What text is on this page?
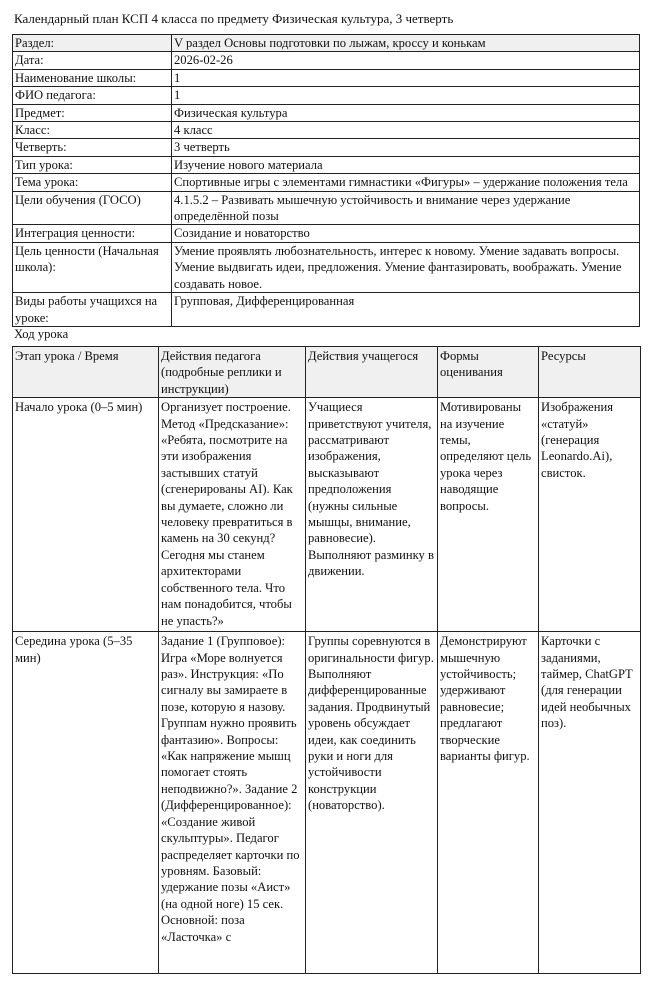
Календарный план КСП 4 класса по предмету Физическая культура, 3 четверть
Раздел:	V раздел Основы подготовки по лыжам, кроссу и конькам
Дата:	2026-02-26
Наименование школы:	1
ФИО педагога:	1
Предмет:	Физическая культура
Класс:	4 класс
Четверть:	3 четверть
Тип урока:	Изучение нового материала
Тема урока:	Спортивные игры с элементами гимнастики «Фигуры» – удержание положения тела
Цели обучения (ГОСО)	4.1.5.2 – Развивать мышечную устойчивость и внимание через удержание определённой позы
Интеграция ценности:	Созидание и новаторство
Цель ценности (Начальная школа):	Умение проявлять любознательность, интерес к новому. Умение задавать вопросы. Умение выдвигать идеи, предложения. Умение фантазировать, воображать. Умение создавать новое.
Виды работы учащихся на уроке:	Групповая, Дифференцированная
Ход урока
Этап урока / Время	Действия педагога (подробные реплики и инструкции)	Действия учащегося	Формы оценивания	Ресурсы
Начало урока (0–5 мин)	Организует построение. Метод «Предсказание»: «Ребята, посмотрите на эти изображения застывших статуй (сгенерированы AI). Как вы думаете, сложно ли человеку превратиться в камень на 30 секунд? Сегодня мы станем архитекторами собственного тела. Что нам понадобится, чтобы не упасть?»	Учащиеся приветствуют учителя, рассматривают изображения, высказывают предположения (нужны сильные мышцы, внимание, равновесие). Выполняют разминку в движении.	Мотивированы на изучение темы, определяют цель урока через наводящие вопросы.	Изображения «статуй» (генерация Leonardo.Ai), свисток.
Середина урока (5–35 мин)	Задание 1 (Групповое): Игра «Море волнуется раз». Инструкция: «По сигналу вы замираете в позе, которую я назову. Группам нужно проявить фантазию». Вопросы: «Как напряжение мышц помогает стоять неподвижно?». Задание 2 (Дифференцированное): «Создание живой скульптуры». Педагог распределяет карточки по уровням. Базовый: удержание позы «Аист» (на одной ноге) 15 сек. Основной: поза «Ласточка» с	Группы соревнуются в оригинальности фигур. Выполняют дифференцированные задания. Продвинутый уровень обсуждает идеи, как соединить руки и ноги для устойчивости конструкции (новаторство).	Демонстрируют мышечную устойчивость; удерживают равновесие; предлагают творческие варианты фигур.	Карточки с заданиями, таймер, ChatGPT (для генерации идей необычных поз).
